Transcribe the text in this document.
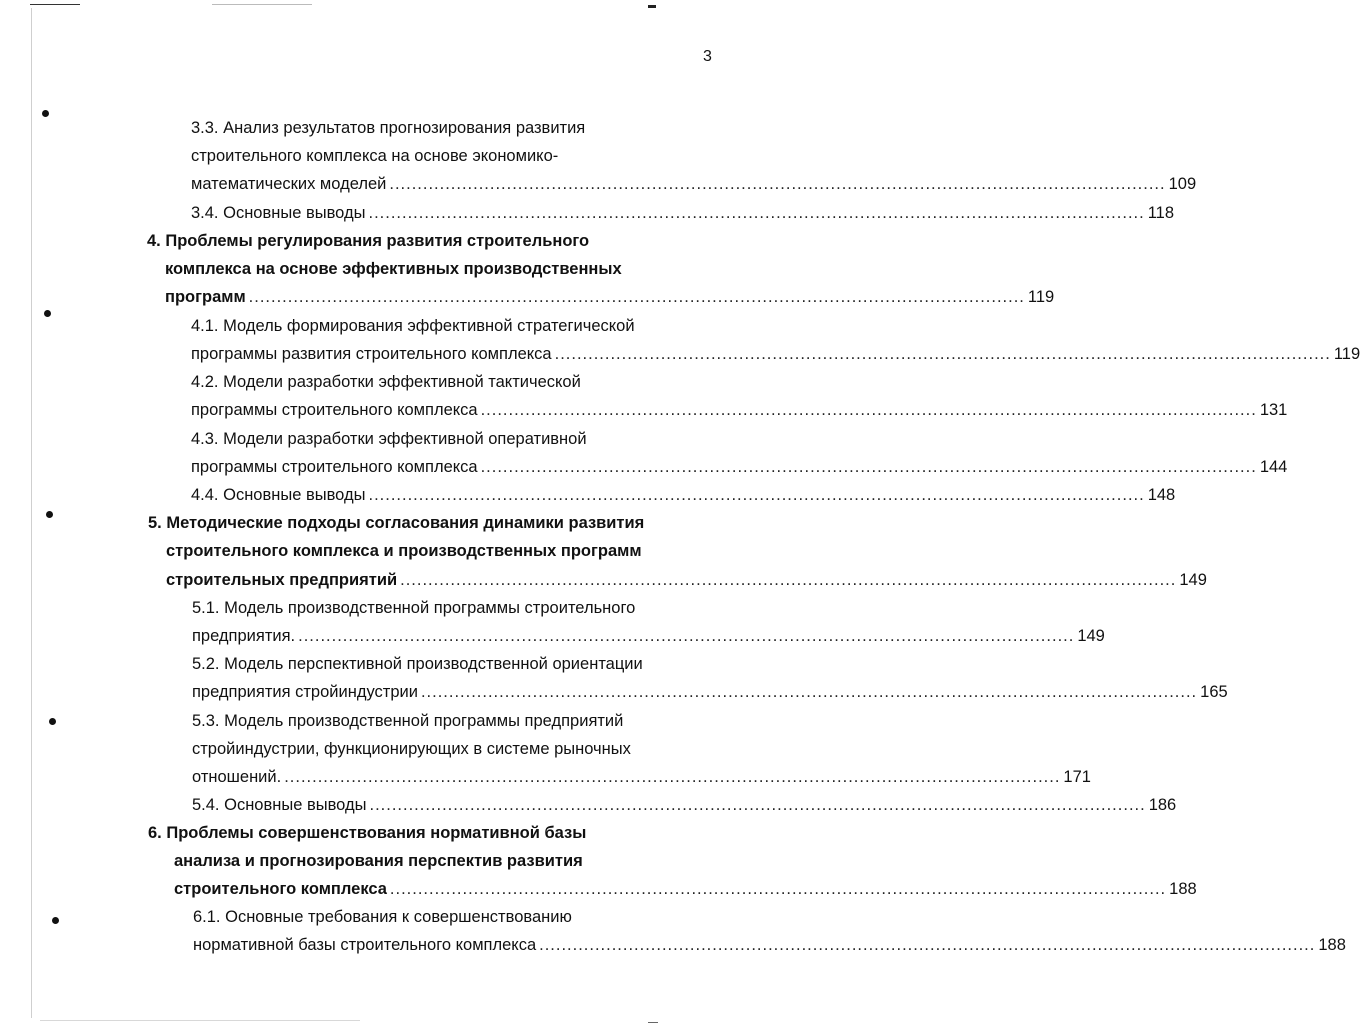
3
3.3. Анализ результатов прогнозирования развития
строительного комплекса на основе экономико-
математических моделей ........................................................................................................................................... 109
3.4. Основные выводы ........................................................................................................................................... 118
4. Проблемы регулирования развития строительного
комплекса на основе эффективных производственных
программ ........................................................................................................................................... 119
4.1. Модель формирования эффективной стратегической
программы развития строительного комплекса ........................................................................................................................................... 119
4.2. Модели разработки эффективной тактической
программы строительного комплекса ........................................................................................................................................... 131
4.3. Модели разработки эффективной оперативной
программы строительного комплекса ........................................................................................................................................... 144
4.4. Основные выводы ........................................................................................................................................... 148
5. Методические подходы согласования динамики развития
строительного комплекса и производственных программ
строительных предприятий ........................................................................................................................................... 149
5.1. Модель производственной программы строительного
предприятия. ........................................................................................................................................... 149
5.2. Модель перспективной производственной ориентации
предприятия стройиндустрии ........................................................................................................................................... 165
5.3. Модель производственной программы предприятий
стройиндустрии, функционирующих в системе рыночных
отношений. ........................................................................................................................................... 171
5.4. Основные выводы ........................................................................................................................................... 186
6. Проблемы совершенствования нормативной базы
анализа и прогнозирования перспектив развития
строительного комплекса ........................................................................................................................................... 188
6.1. Основные требования к совершенствованию
нормативной базы строительного комплекса ........................................................................................................................................... 188
